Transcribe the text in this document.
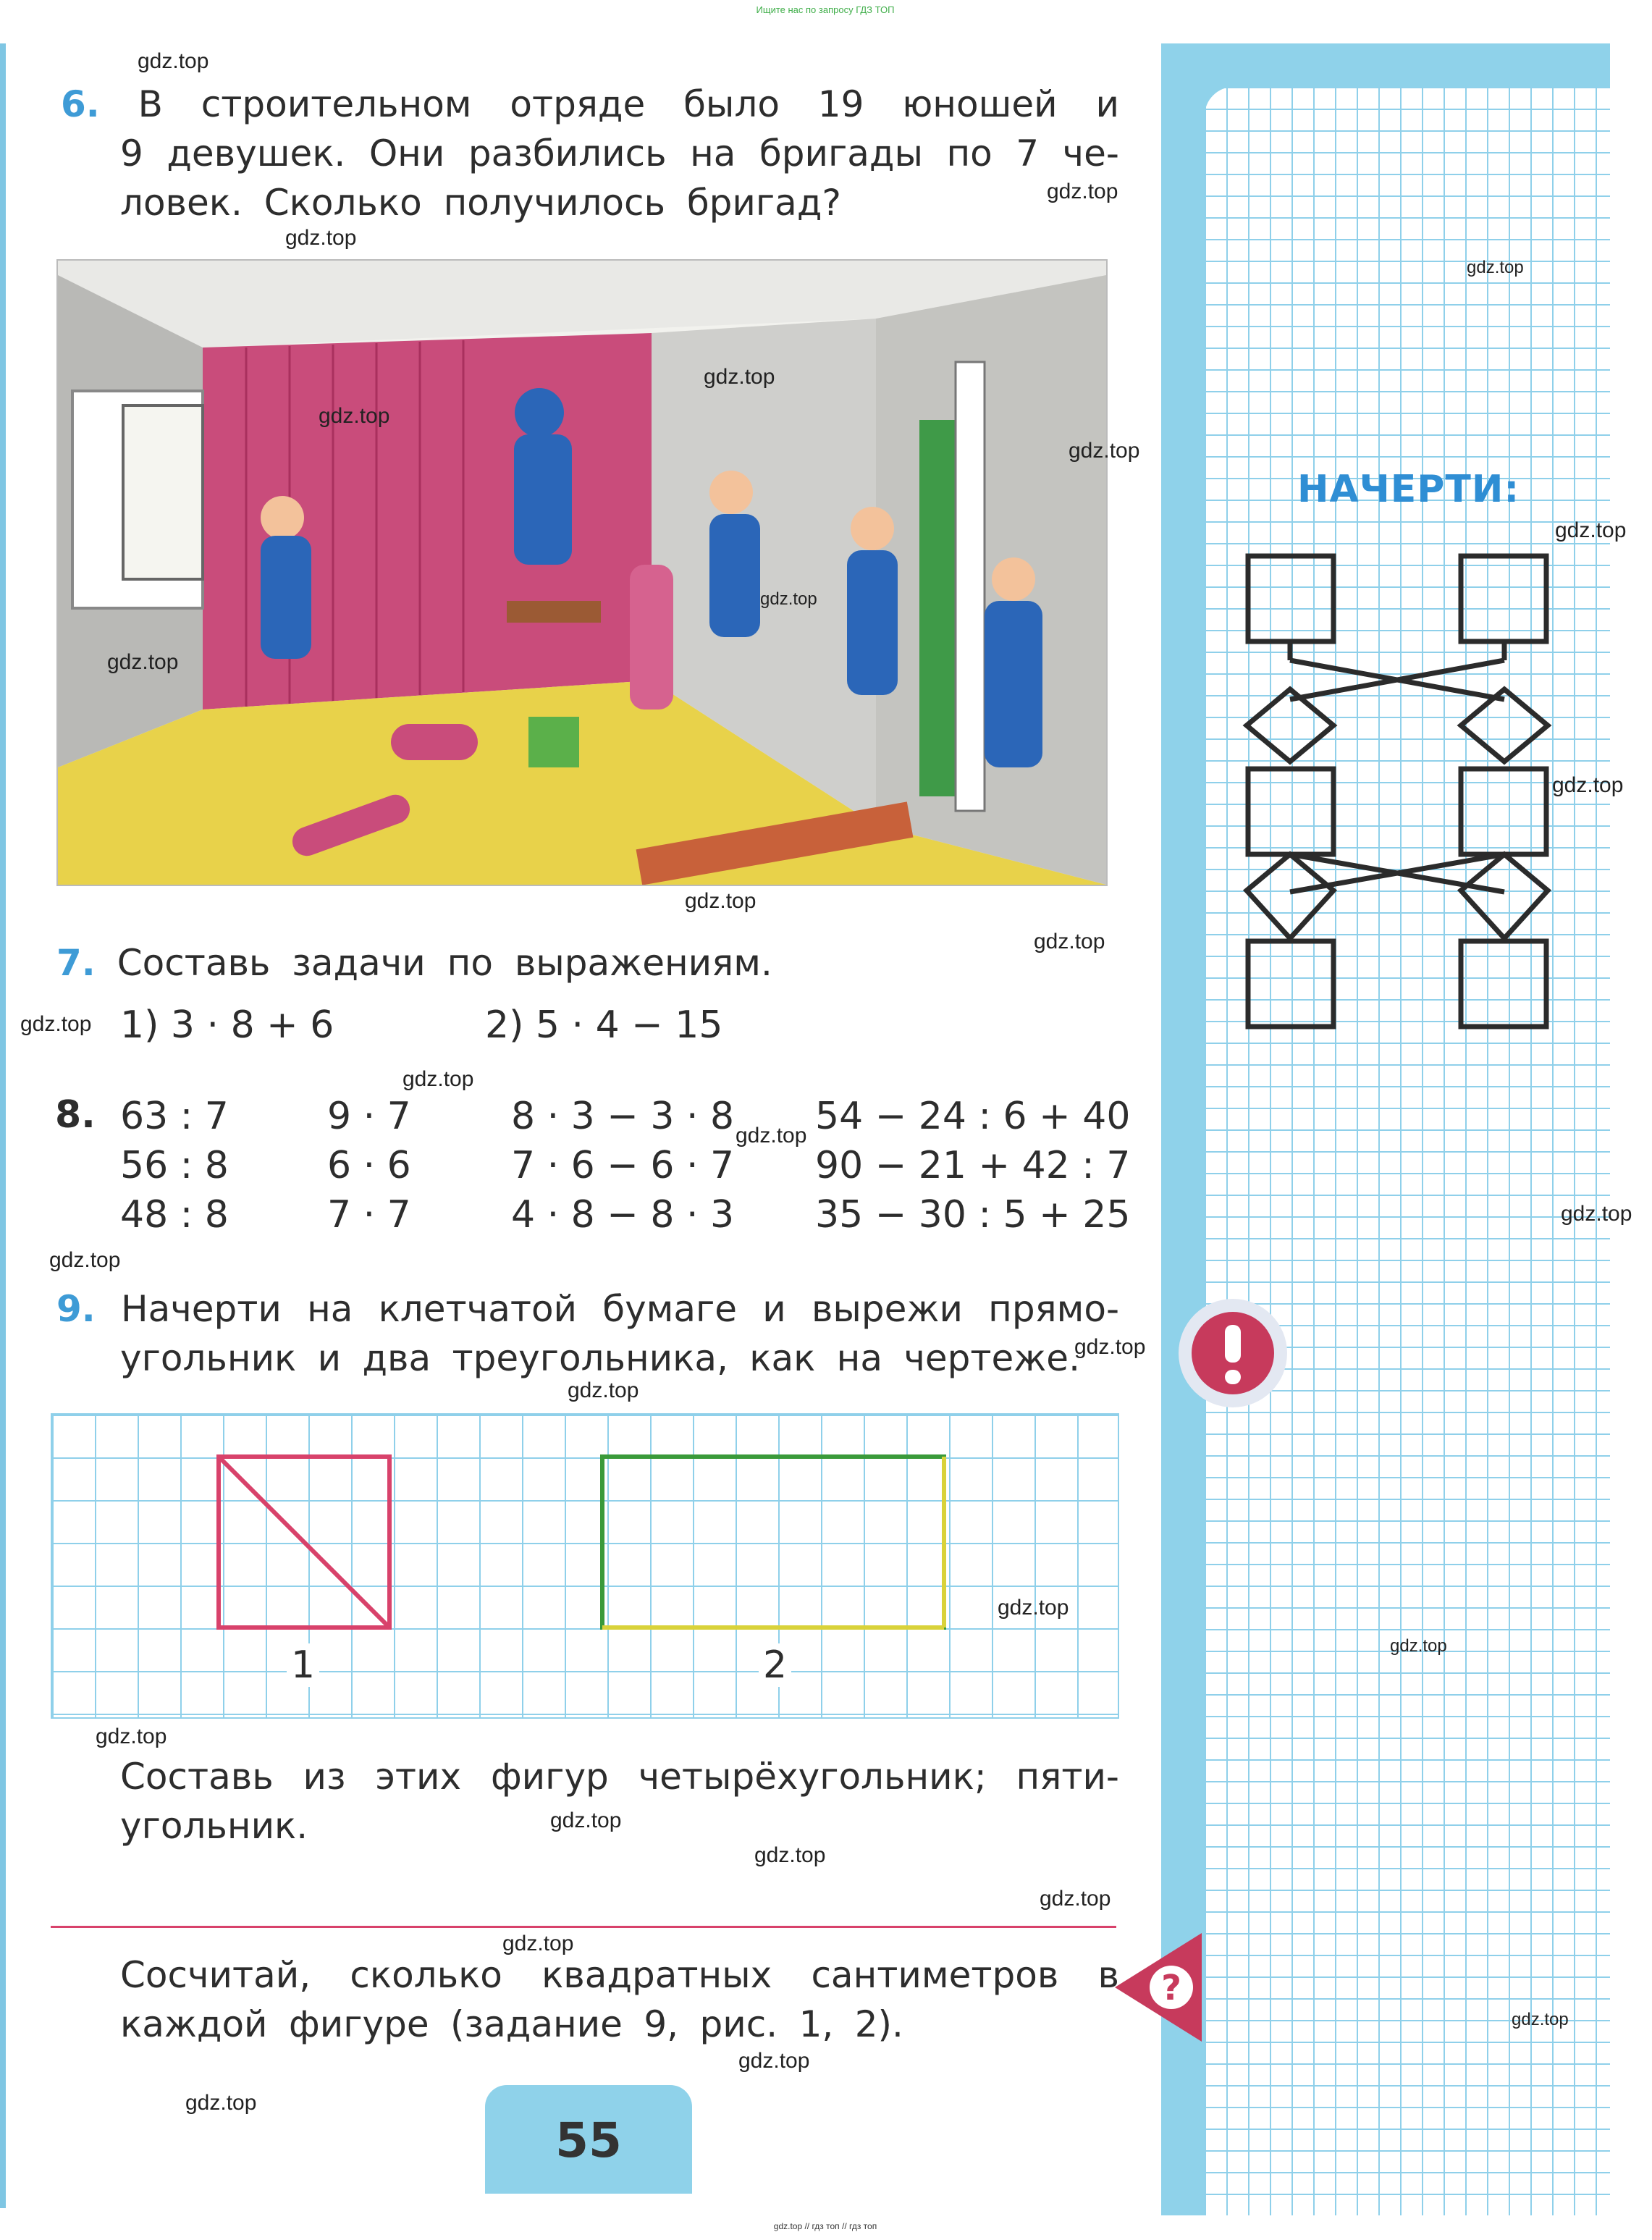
Ищите нас по запросу ГДЗ ТОП
gdz.top // гдз топ // гдз топ
НАЧЕРТИ:
?
6. В строительном отряде было 19 юношей и
9 девушек. Они разбились на бригады по 7 че-
ловек. Сколько получилось бригад?
7. Составь задачи по выражениям.
1) 3 · 8 + 6	2) 5 · 4 − 15
8. 63 : 7
56 : 8
48 : 8
9 · 7
6 · 6
7 · 7
8 · 3 − 3 · 8
7 · 6 − 6 · 7
4 · 8 − 8 · 3
54 − 24 : 6 + 40
90 − 21 + 42 : 7
35 − 30 : 5 + 25
9. Начерти на клетчатой бумаге и вырежи прямо-
угольник и два треугольника, как на чертеже.
1	2
Составь из этих фигур четырёхугольник; пяти-
угольник.
Сосчитай, сколько квадратных сантиметров в
каждой фигуре (задание 9, рис. 1, 2).
55
gdz.top
gdz.top
gdz.top
gdz.top
gdz.top
gdz.top
gdz.top
gdz.top
gdz.top
gdz.top
gdz.top
gdz.top
gdz.top
gdz.top
gdz.top
gdz.top
gdz.top
gdz.top
gdz.top
gdz.top
gdz.top
gdz.top
gdz.top
gdz.top
gdz.top
gdz.top
gdz.top
gdz.top
gdz.top
gdz.top
